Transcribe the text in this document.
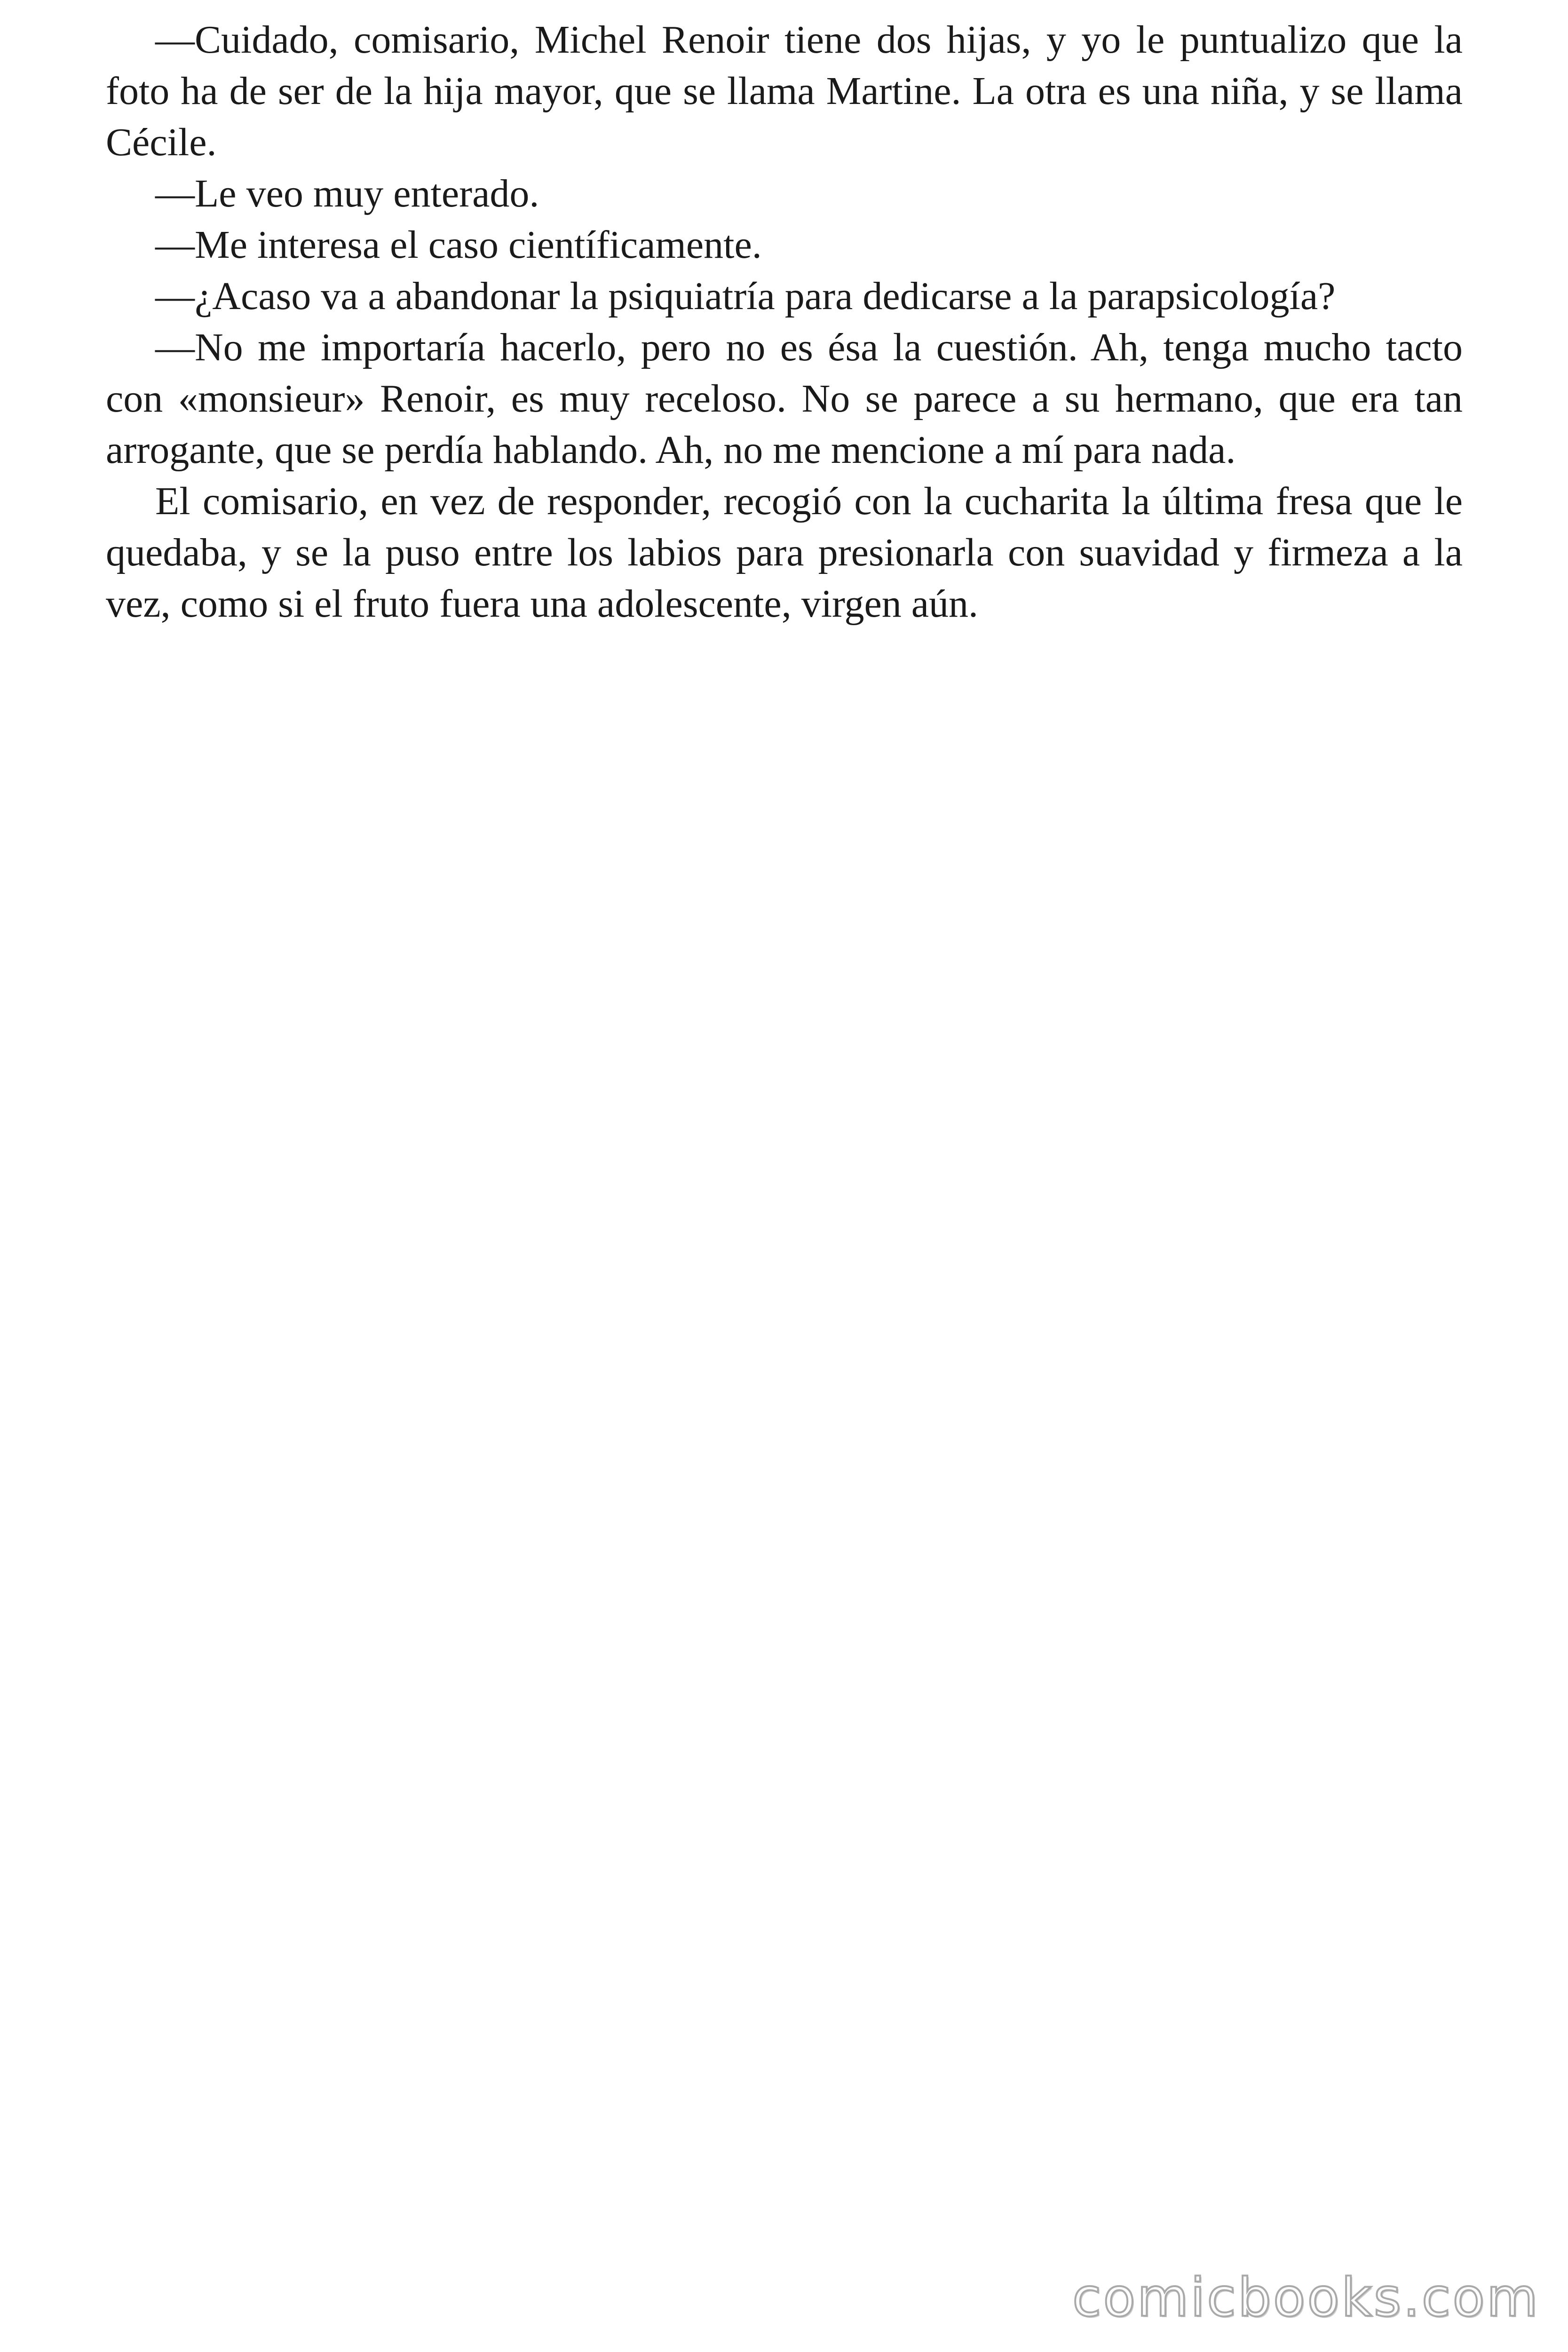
—Cuidado, comisario, Michel Renoir tiene dos hijas, y yo le puntualizo que la foto ha de ser de la hija mayor, que se llama Martine. La otra es una niña, y se llama Cécile.

—Le veo muy enterado.

—Me interesa el caso científicamente.

—¿Acaso va a abandonar la psiquiatría para dedicarse a la parapsicología?

—No me importaría hacerlo, pero no es ésa la cuestión. Ah, tenga mucho tacto con «monsieur» Renoir, es muy receloso. No se parece a su hermano, que era tan arrogante, que se perdía hablando. Ah, no me mencione a mí para nada.

El comisario, en vez de responder, recogió con la cucharita la última fresa que le quedaba, y se la puso entre los labios para presionarla con suavidad y firmeza a la vez, como si el fruto fuera una adolescente, virgen aún.

comicbooks.com
